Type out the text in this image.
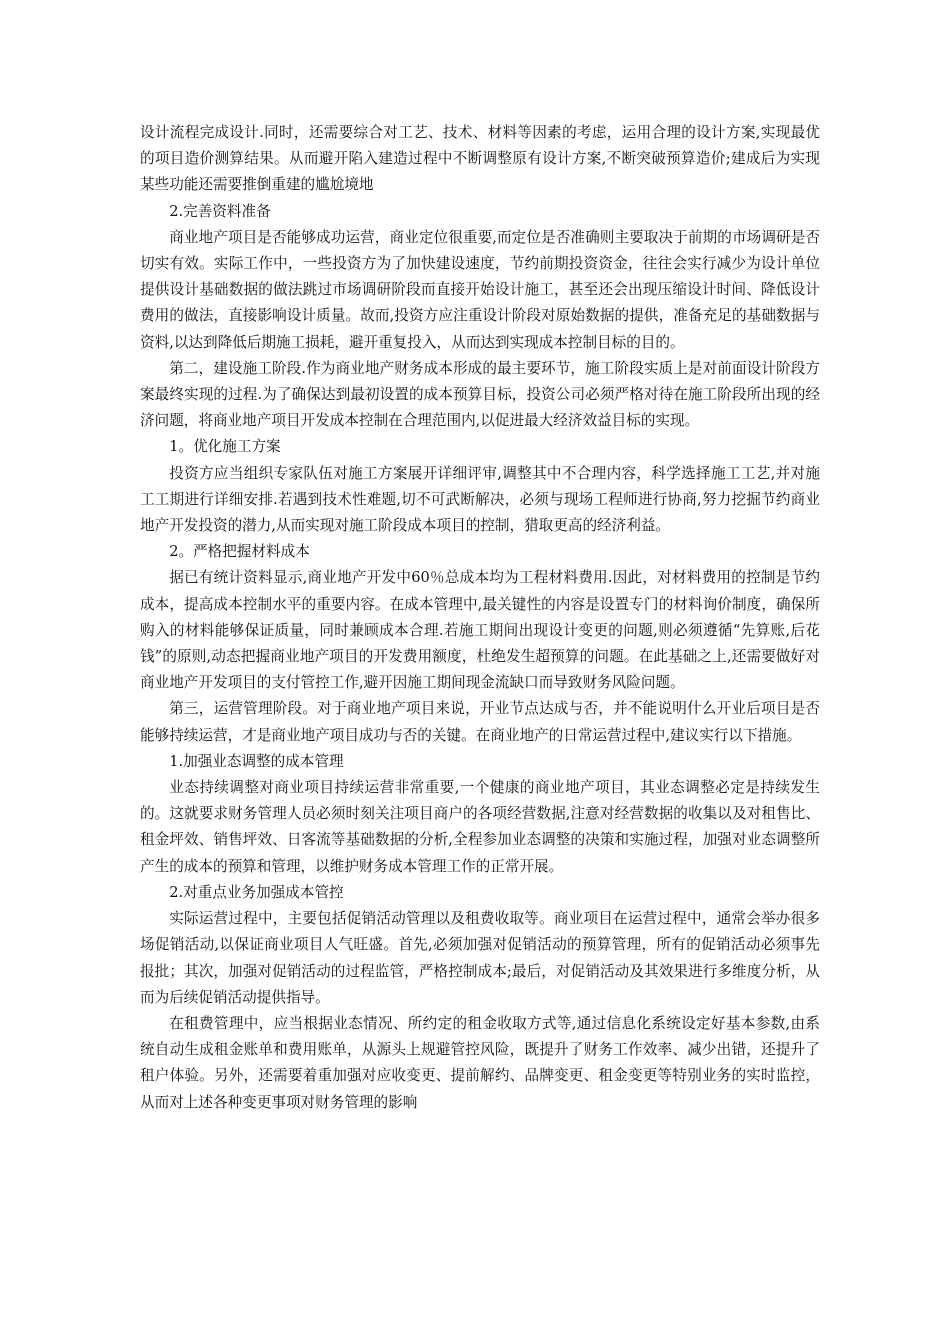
设计流程完成设计.同时，还需要综合对工艺、技术、材料等因素的考虑，运用合理的设计方案,实现最优的项目造价测算结果。从而避开陷入建造过程中不断调整原有设计方案,不断突破预算造价;建成后为实现某些功能还需要推倒重建的尴尬境地

2.完善资料准备

商业地产项目是否能够成功运营，商业定位很重要,而定位是否准确则主要取决于前期的市场调研是否切实有效。实际工作中，一些投资方为了加快建设速度，节约前期投资资金，往往会实行减少为设计单位提供设计基础数据的做法跳过市场调研阶段而直接开始设计施工，甚至还会出现压缩设计时间、降低设计费用的做法，直接影响设计质量。故而,投资方应注重设计阶段对原始数据的提供，准备充足的基础数据与资料,以达到降低后期施工损耗，避开重复投入，从而达到实现成本控制目标的目的。

第二，建设施工阶段.作为商业地产财务成本形成的最主要环节，施工阶段实质上是对前面设计阶段方案最终实现的过程.为了确保达到最初设置的成本预算目标，投资公司必须严格对待在施工阶段所出现的经济问题，将商业地产项目开发成本控制在合理范围内,以促进最大经济效益目标的实现。

1。优化施工方案

投资方应当组织专家队伍对施工方案展开详细评审,调整其中不合理内容，科学选择施工工艺,并对施工工期进行详细安排.若遇到技术性难题,切不可武断解决，必须与现场工程师进行协商,努力挖掘节约商业地产开发投资的潜力,从而实现对施工阶段成本项目的控制，猎取更高的经济利益。

2。严格把握材料成本

据已有统计资料显示,商业地产开发中60％总成本均为工程材料费用.因此，对材料费用的控制是节约成本，提高成本控制水平的重要内容。在成本管理中,最关键性的内容是设置专门的材料询价制度，确保所购入的材料能够保证质量，同时兼顾成本合理.若施工期间出现设计变更的问题,则必须遵循“先算账,后花钱”的原则,动态把握商业地产项目的开发费用额度，杜绝发生超预算的问题。在此基础之上,还需要做好对商业地产开发项目的支付管控工作,避开因施工期间现金流缺口而导致财务风险问题。

第三，运营管理阶段。对于商业地产项目来说，开业节点达成与否，并不能说明什么开业后项目是否能够持续运营，才是商业地产项目成功与否的关键。在商业地产的日常运营过程中,建议实行以下措施。

1.加强业态调整的成本管理

业态持续调整对商业项目持续运营非常重要,一个健康的商业地产项目，其业态调整必定是持续发生的。这就要求财务管理人员必须时刻关注项目商户的各项经营数据,注意对经营数据的收集以及对租售比、租金坪效、销售坪效、日客流等基础数据的分析,全程参加业态调整的决策和实施过程，加强对业态调整所产生的成本的预算和管理，以维护财务成本管理工作的正常开展。

2.对重点业务加强成本管控

实际运营过程中，主要包括促销活动管理以及租费收取等。商业项目在运营过程中，通常会举办很多场促销活动,以保证商业项目人气旺盛。首先,必须加强对促销活动的预算管理，所有的促销活动必须事先报批；其次，加强对促销活动的过程监管，严格控制成本;最后，对促销活动及其效果进行多维度分析，从而为后续促销活动提供指导。

在租费管理中，应当根据业态情况、所约定的租金收取方式等,通过信息化系统设定好基本参数,由系统自动生成租金账单和费用账单，从源头上规避管控风险，既提升了财务工作效率、减少出错，还提升了租户体验。另外，还需要着重加强对应收变更、提前解约、品牌变更、租金变更等特别业务的实时监控，从而对上述各种变更事项对财务管理的影响
